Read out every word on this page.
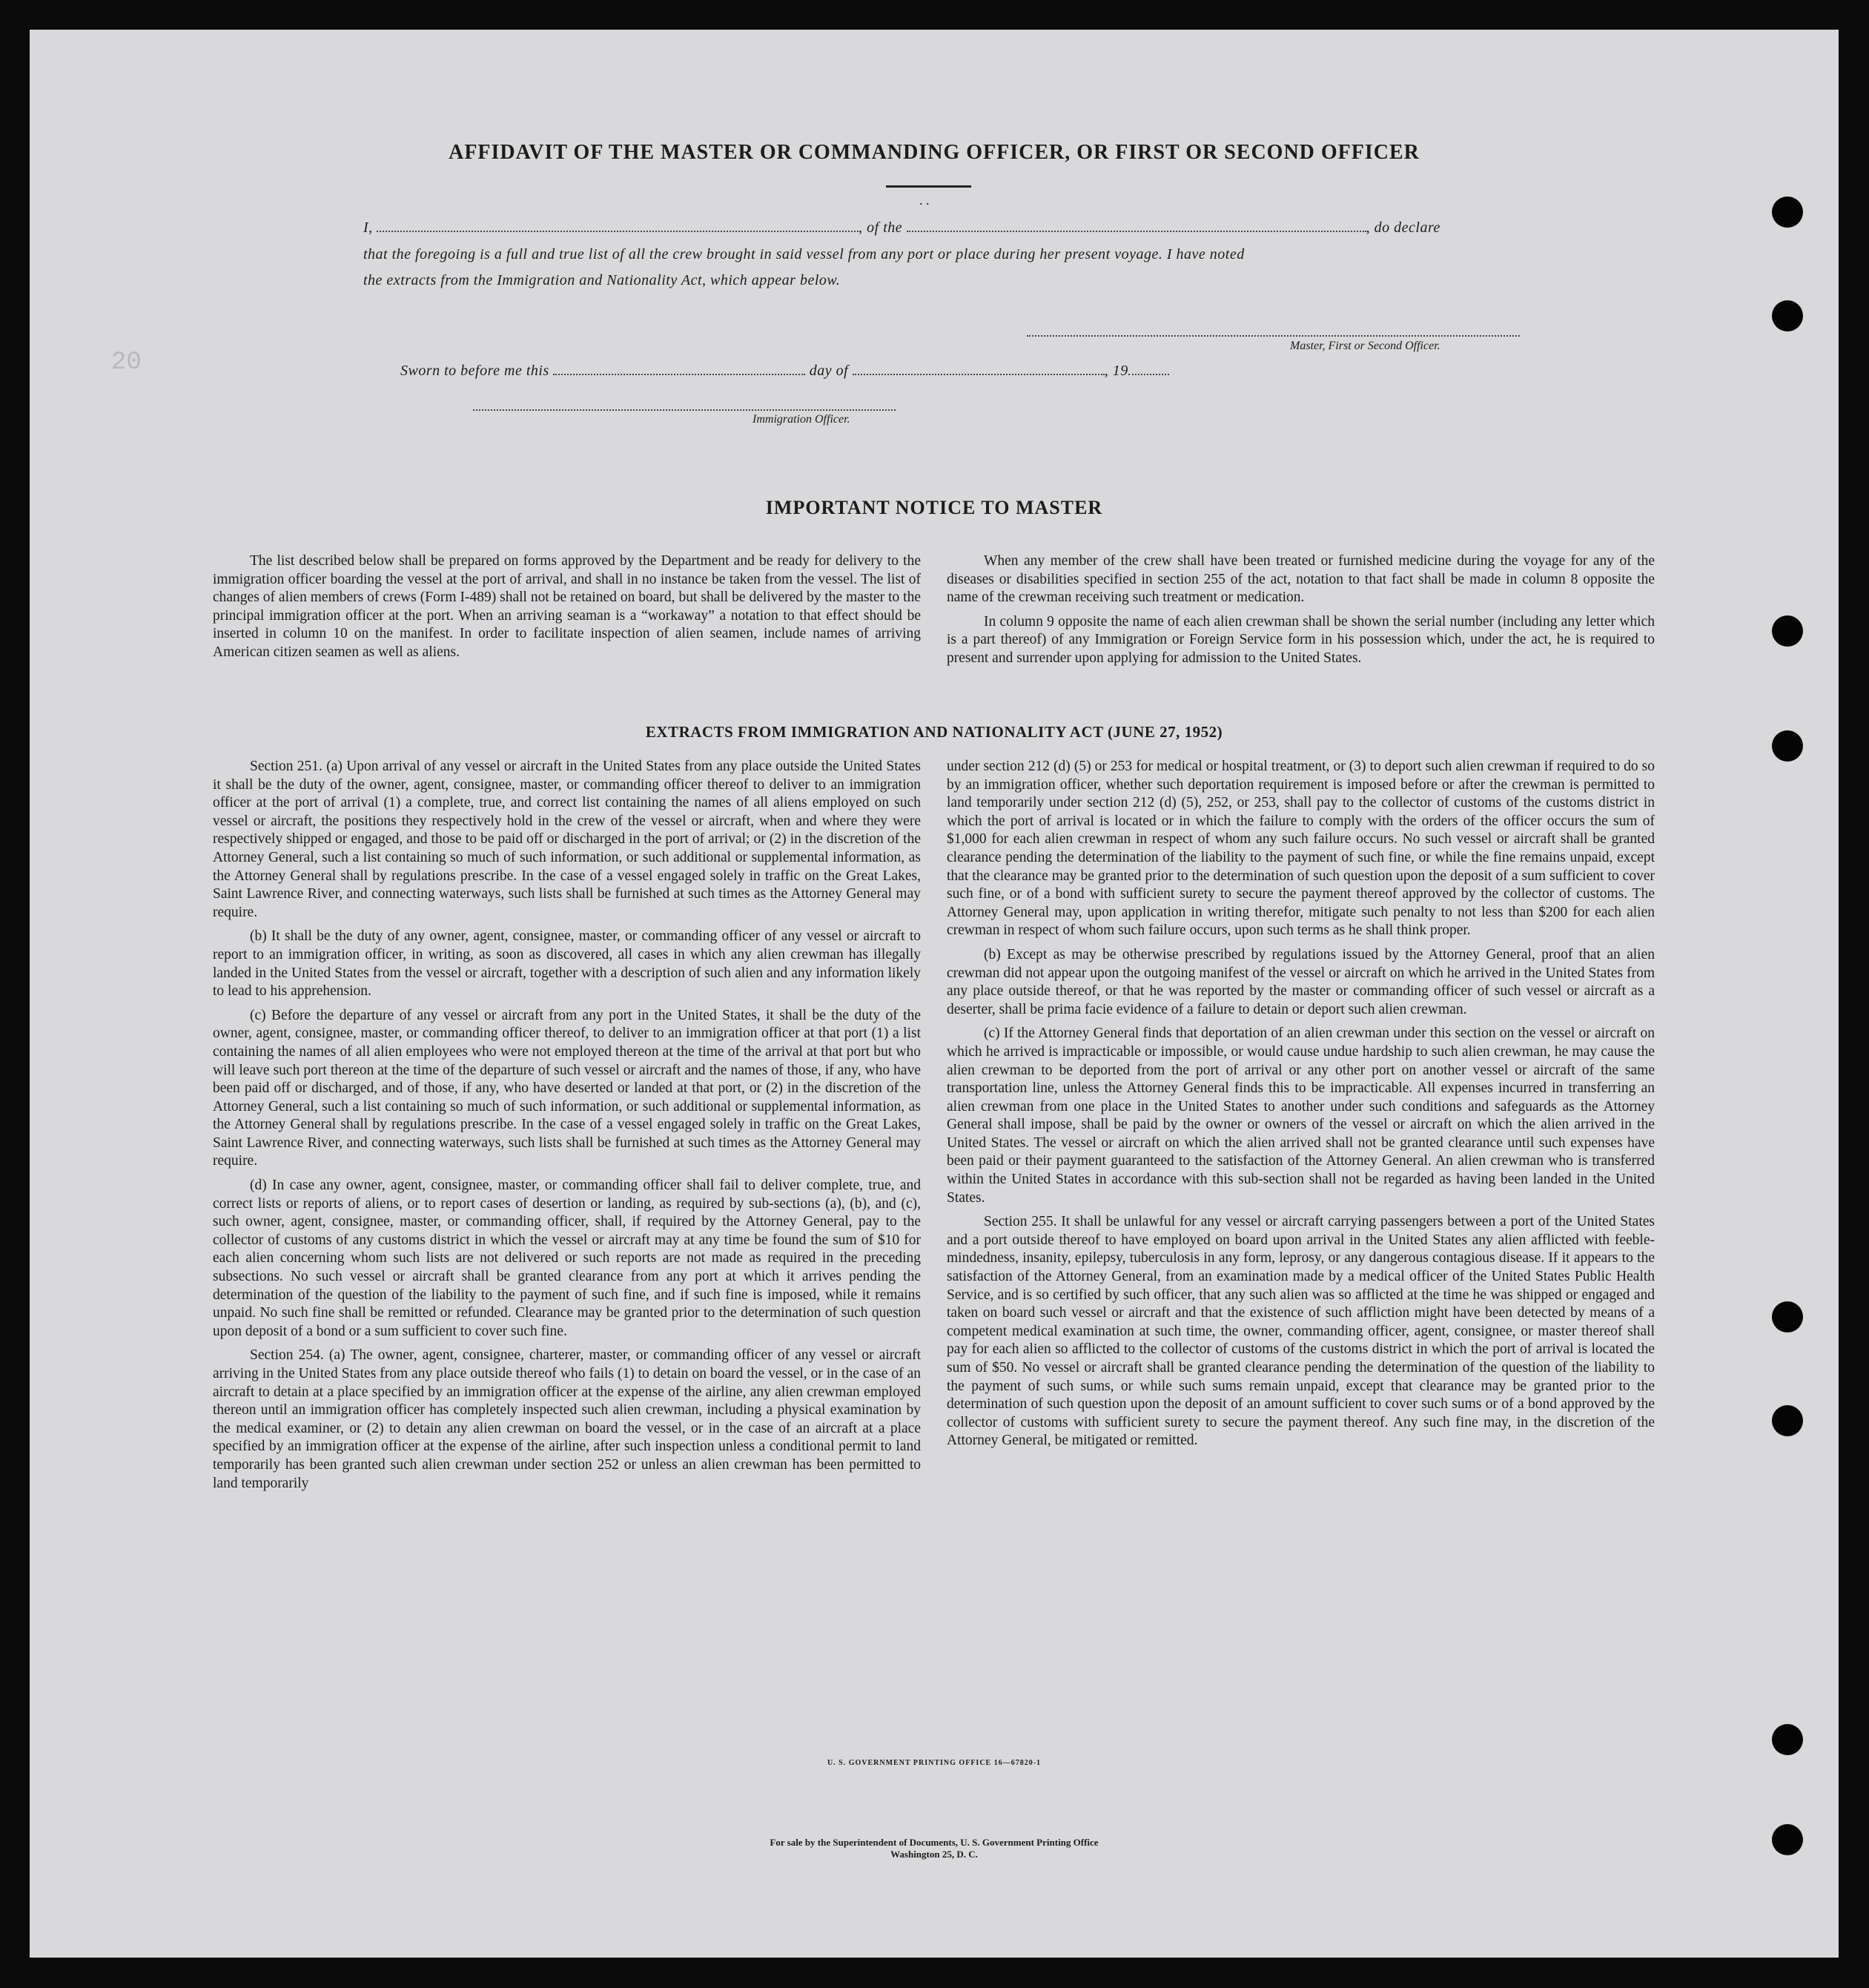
20
AFFIDAVIT OF THE MASTER OR COMMANDING OFFICER, OR FIRST OR SECOND OFFICER
. .
I,	, of the	, do declare
that the foregoing is a full and true list of all the crew brought in said vessel from any port or place during her present voyage. I have noted
the extracts from the Immigration and Nationality Act, which appear below.
Master, First or Second Officer.
Sworn to before me this	day of	, 19
Immigration Officer.
IMPORTANT NOTICE TO MASTER

The list described below shall be prepared on forms approved by the Department and be ready for delivery to the immigration officer boarding the vessel at the port of arrival, and shall in no instance be taken from the vessel. The list of changes of alien members of crews (Form I-489) shall not be retained on board, but shall be delivered by the master to the principal immigration officer at the port. When an arriving seaman is a “workaway” a notation to that effect should be inserted in column 10 on the manifest. In order to facilitate inspection of alien seamen, include names of arriving American citizen seamen as well as aliens.

When any member of the crew shall have been treated or furnished medicine during the voyage for any of the diseases or disabilities specified in section 255 of the act, notation to that fact shall be made in column 8 opposite the name of the crewman receiving such treatment or medication.

In column 9 opposite the name of each alien crewman shall be shown the serial number (including any letter which is a part thereof) of any Immigration or Foreign Service form in his possession which, under the act, he is required to present and surrender upon applying for admission to the United States.

EXTRACTS FROM IMMIGRATION AND NATIONALITY ACT (JUNE 27, 1952)

Section 251. (a) Upon arrival of any vessel or aircraft in the United States from any place outside the United States it shall be the duty of the owner, agent, consignee, master, or commanding officer thereof to deliver to an immigration officer at the port of arrival (1) a complete, true, and correct list containing the names of all aliens employed on such vessel or aircraft, the positions they respectively hold in the crew of the vessel or aircraft, when and where they were respectively shipped or engaged, and those to be paid off or discharged in the port of arrival; or (2) in the discretion of the Attorney General, such a list containing so much of such information, or such additional or supplemental information, as the Attorney General shall by regulations prescribe. In the case of a vessel engaged solely in traffic on the Great Lakes, Saint Lawrence River, and connecting waterways, such lists shall be furnished at such times as the Attorney General may require.

(b) It shall be the duty of any owner, agent, consignee, master, or commanding officer of any vessel or aircraft to report to an immigration officer, in writing, as soon as discovered, all cases in which any alien crewman has illegally landed in the United States from the vessel or aircraft, together with a description of such alien and any information likely to lead to his apprehension.

(c) Before the departure of any vessel or aircraft from any port in the United States, it shall be the duty of the owner, agent, consignee, master, or commanding officer thereof, to deliver to an immigration officer at that port (1) a list containing the names of all alien employees who were not employed thereon at the time of the arrival at that port but who will leave such port thereon at the time of the departure of such vessel or aircraft and the names of those, if any, who have been paid off or discharged, and of those, if any, who have deserted or landed at that port, or (2) in the discretion of the Attorney General, such a list containing so much of such information, or such additional or supplemental information, as the Attorney General shall by regulations prescribe. In the case of a vessel engaged solely in traffic on the Great Lakes, Saint Lawrence River, and connecting waterways, such lists shall be furnished at such times as the Attorney General may require.

(d) In case any owner, agent, consignee, master, or commanding officer shall fail to deliver complete, true, and correct lists or reports of aliens, or to report cases of desertion or landing, as required by sub-sections (a), (b), and (c), such owner, agent, consignee, master, or commanding officer, shall, if required by the Attorney General, pay to the collector of customs of any customs district in which the vessel or aircraft may at any time be found the sum of $10 for each alien concerning whom such lists are not delivered or such reports are not made as required in the preceding subsections. No such vessel or aircraft shall be granted clearance from any port at which it arrives pending the determination of the question of the liability to the payment of such fine, and if such fine is imposed, while it remains unpaid. No such fine shall be remitted or refunded. Clearance may be granted prior to the determination of such question upon deposit of a bond or a sum sufficient to cover such fine.

Section 254. (a) The owner, agent, consignee, charterer, master, or commanding officer of any vessel or aircraft arriving in the United States from any place outside thereof who fails (1) to detain on board the vessel, or in the case of an aircraft to detain at a place specified by an immigration officer at the expense of the airline, any alien crewman employed thereon until an immigration officer has completely inspected such alien crewman, including a physical examination by the medical examiner, or (2) to detain any alien crewman on board the vessel, or in the case of an aircraft at a place specified by an immigration officer at the expense of the airline, after such inspection unless a conditional permit to land temporarily has been granted such alien crewman under section 252 or unless an alien crewman has been permitted to land temporarily

under section 212 (d) (5) or 253 for medical or hospital treatment, or (3) to deport such alien crewman if required to do so by an immigration officer, whether such deportation requirement is imposed before or after the crewman is permitted to land temporarily under section 212 (d) (5), 252, or 253, shall pay to the collector of customs of the customs district in which the port of arrival is located or in which the failure to comply with the orders of the officer occurs the sum of $1,000 for each alien crewman in respect of whom any such failure occurs. No such vessel or aircraft shall be granted clearance pending the determination of the liability to the payment of such fine, or while the fine remains unpaid, except that the clearance may be granted prior to the determination of such question upon the deposit of a sum sufficient to cover such fine, or of a bond with sufficient surety to secure the payment thereof approved by the collector of customs. The Attorney General may, upon application in writing therefor, mitigate such penalty to not less than $200 for each alien crewman in respect of whom such failure occurs, upon such terms as he shall think proper.

(b) Except as may be otherwise prescribed by regulations issued by the Attorney General, proof that an alien crewman did not appear upon the outgoing manifest of the vessel or aircraft on which he arrived in the United States from any place outside thereof, or that he was reported by the master or commanding officer of such vessel or aircraft as a deserter, shall be prima facie evidence of a failure to detain or deport such alien crewman.

(c) If the Attorney General finds that deportation of an alien crewman under this section on the vessel or aircraft on which he arrived is impracticable or impossible, or would cause undue hardship to such alien crewman, he may cause the alien crewman to be deported from the port of arrival or any other port on another vessel or aircraft of the same transportation line, unless the Attorney General finds this to be impracticable. All expenses incurred in transferring an alien crewman from one place in the United States to another under such conditions and safeguards as the Attorney General shall impose, shall be paid by the owner or owners of the vessel or aircraft on which the alien arrived in the United States. The vessel or aircraft on which the alien arrived shall not be granted clearance until such expenses have been paid or their payment guaranteed to the satisfaction of the Attorney General. An alien crewman who is transferred within the United States in accordance with this sub-section shall not be regarded as having been landed in the United States.

Section 255. It shall be unlawful for any vessel or aircraft carrying passengers between a port of the United States and a port outside thereof to have employed on board upon arrival in the United States any alien afflicted with feeble-mindedness, insanity, epilepsy, tuberculosis in any form, leprosy, or any dangerous contagious disease. If it appears to the satisfaction of the Attorney General, from an examination made by a medical officer of the United States Public Health Service, and is so certified by such officer, that any such alien was so afflicted at the time he was shipped or engaged and taken on board such vessel or aircraft and that the existence of such affliction might have been detected by means of a competent medical examination at such time, the owner, commanding officer, agent, consignee, or master thereof shall pay for each alien so afflicted to the collector of customs of the customs district in which the port of arrival is located the sum of $50. No vessel or aircraft shall be granted clearance pending the determination of the question of the liability to the payment of such sums, or while such sums remain unpaid, except that clearance may be granted prior to the determination of such question upon the deposit of an amount sufficient to cover such sums or of a bond approved by the collector of customs with sufficient surety to secure the payment thereof. Any such fine may, in the discretion of the Attorney General, be mitigated or remitted.

U. S. GOVERNMENT PRINTING OFFICE 16—67820-1
For sale by the Superintendent of Documents, U. S. Government Printing Office
Washington 25, D. C.
